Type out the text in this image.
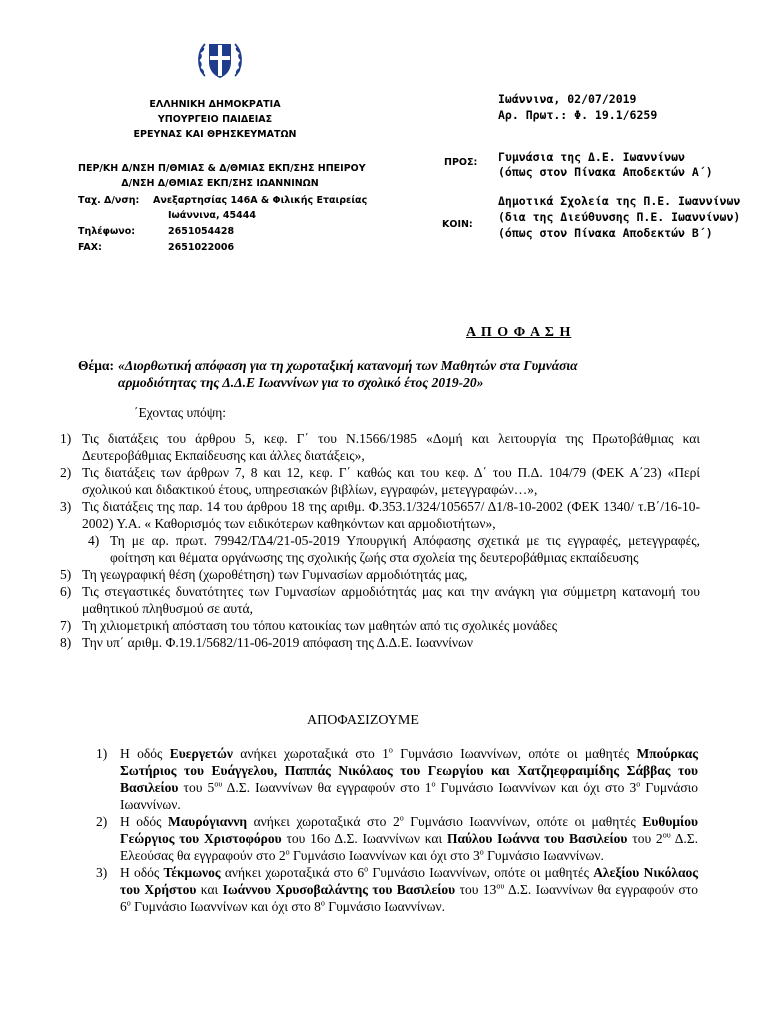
ΕΛΛΗΝΙΚΗ ΔΗΜΟΚΡΑΤΙΑ
ΥΠΟΥΡΓΕΙΟ ΠΑΙΔΕΙΑΣ
ΕΡΕΥΝΑΣ ΚΑΙ ΘΡΗΣΚΕΥΜΑΤΩΝ
ΠΕΡ/ΚΗ Δ/ΝΣΗ Π/ΘΜΙΑΣ & Δ/ΘΜΙΑΣ ΕΚΠ/ΣΗΣ ΗΠΕΙΡΟΥ
Δ/ΝΣΗ Δ/ΘΜΙΑΣ ΕΚΠ/ΣΗΣ ΙΩΑΝΝΙΝΩΝ
Ταχ. Δ/νση: Ανεξαρτησίας 146Α & Φιλικής Εταιρείας
Ιωάννινα, 45444
Τηλέφωνο:	2651054428
FAX:	2651022006
Ιωάννινα, 02/07/2019
Αρ. Πρωτ.: Φ. 19.1/6259
ΠΡΟΣ: Γυμνάσια της Δ.Ε. Ιωαννίνων
(όπως στον Πίνακα Αποδεκτών Α΄)
ΚΟΙΝ:
Δημοτικά Σχολεία της Π.Ε. Ιωαννίνων
(δια της Διεύθυνσης Π.Ε. Ιωαννίνων)
(όπως στον Πίνακα Αποδεκτών Β΄)
Α Π Ο Φ Α Σ Η
Θέμα: «Διορθωτική απόφαση για τη χωροταξική κατανομή των Μαθητών στα Γυμνάσια
αρμοδιότητας της Δ.Δ.Ε Ιωαννίνων για το σχολικό έτος 2019-20»
΄Εχοντας υπόψη:
1) Τις διατάξεις του άρθρου 5, κεφ. Γ΄ του Ν.1566/1985 «Δομή και λειτουργία της Πρωτοβάθμιας και Δευτεροβάθμιας Εκπαίδευσης και άλλες διατάξεις»,
2) Τις διατάξεις των άρθρων 7, 8 και 12, κεφ. Γ΄ καθώς και του κεφ. Δ΄ του Π.Δ. 104/79 (ΦΕΚ Α΄23) «Περί σχολικού και διδακτικού έτους, υπηρεσιακών βιβλίων, εγγραφών, μετεγγραφών…»,
3) Τις διατάξεις της παρ. 14 του άρθρου 18 της αριθμ. Φ.353.1/324/105657/ Δ1/8-10-2002 (ΦΕΚ 1340/ τ.Β΄/16-10-2002) Υ.Α. « Καθορισμός των ειδικότερων καθηκόντων και αρμοδιοτήτων»,
4) Τη με αρ. πρωτ. 79942/ΓΔ4/21-05-2019 Υπουργική Απόφασης σχετικά με τις εγγραφές, μετεγγραφές, φοίτηση και θέματα οργάνωσης της σχολικής ζωής στα σχολεία της δευτεροβάθμιας εκπαίδευσης
5) Τη γεωγραφική θέση (χωροθέτηση) των Γυμνασίων αρμοδιότητάς μας,
6) Τις στεγαστικές δυνατότητες των Γυμνασίων αρμοδιότητάς μας και την ανάγκη για σύμμετρη κατανομή του μαθητικού πληθυσμού σε αυτά,
7) Τη χιλιομετρική απόσταση του τόπου κατοικίας των μαθητών από τις σχολικές μονάδες
8) Την υπ΄ αριθμ. Φ.19.1/5682/11-06-2019 απόφαση της Δ.Δ.Ε. Ιωαννίνων
ΑΠΟΦΑΣΙΖΟΥΜΕ
1) Η οδός Ευεργετών ανήκει χωροταξικά στο $1^o$ Γυμνάσιο Ιωαννίνων, οπότε οι μαθητές Μπούρκας Σωτήριος του Ευάγγελου, Παππάς Νικόλαος του Γεωργίου και Χατζηεφραιμίδης Σάββας του Βασιλείου του $5^{o\upsilon}$ Δ.Σ. Ιωαννίνων θα εγγραφούν στο $1^o$ Γυμνάσιο Ιωαννίνων και όχι στο $3^o$ Γυμνάσιο Ιωαννίνων.
2) Η οδός Μαυρόγιαννη ανήκει χωροταξικά στο $2^o$ Γυμνάσιο Ιωαννίνων, οπότε οι μαθητές Ευθυμίου Γεώργιος του Χριστοφόρου του 16ο Δ.Σ. Ιωαννίνων και Παύλου Ιωάννα του Βασιλείου του $2^{o\upsilon}$ Δ.Σ. Ελεούσας θα εγγραφούν στο $2^o$ Γυμνάσιο Ιωαννίνων και όχι στο $3^o$ Γυμνάσιο Ιωαννίνων.
3) Η οδός Τέκμωνος ανήκει χωροταξικά στο $6^o$ Γυμνάσιο Ιωαννίνων, οπότε οι μαθητές Αλεξίου Νικόλαος του Χρήστου και Ιωάννου Χρυσοβαλάντης του Βασιλείου του $13^{o\upsilon}$ Δ.Σ. Ιωαννίνων θα εγγραφούν στο $6^o$ Γυμνάσιο Ιωαννίνων και όχι στο $8^o$ Γυμνάσιο Ιωαννίνων.
